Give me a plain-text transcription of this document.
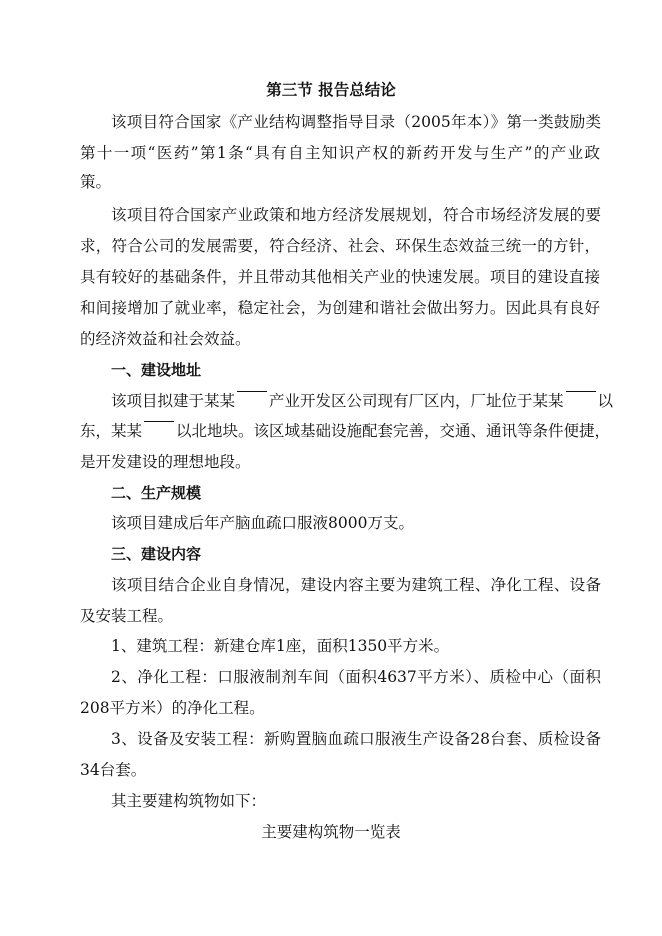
第三节 报告总结论
该项目符合国家《产业结构调整指导目录（2005年本）》第一类鼓励类
第十一项“医药”第1条“具有自主知识产权的新药开发与生产”的产业政
策。
该项目符合国家产业政策和地方经济发展规划，符合市场经济发展的要
求，符合公司的发展需要，符合经济、社会、环保生态效益三统一的方针，
具有较好的基础条件，并且带动其他相关产业的快速发展。项目的建设直接
和间接增加了就业率，稳定社会，为创建和谐社会做出努力。因此具有良好
的经济效益和社会效益。
一、建设地址
该项目拟建于某某 产业开发区公司现有厂区内，厂址位于某某 以
东，某某 以北地块。该区域基础设施配套完善，交通、通讯等条件便捷，
是开发建设的理想地段。
二、生产规模
该项目建成后年产脑血疏口服液8000万支。
三、建设内容
该项目结合企业自身情况，建设内容主要为建筑工程、净化工程、设备
及安装工程。
1、建筑工程：新建仓库1座，面积1350平方米。
2、净化工程：口服液制剂车间（面积4637平方米）、质检中心（面积
208平方米）的净化工程。
3、设备及安装工程：新购置脑血疏口服液生产设备28台套、质检设备
34台套。
其主要建构筑物如下：
主要建构筑物一览表
